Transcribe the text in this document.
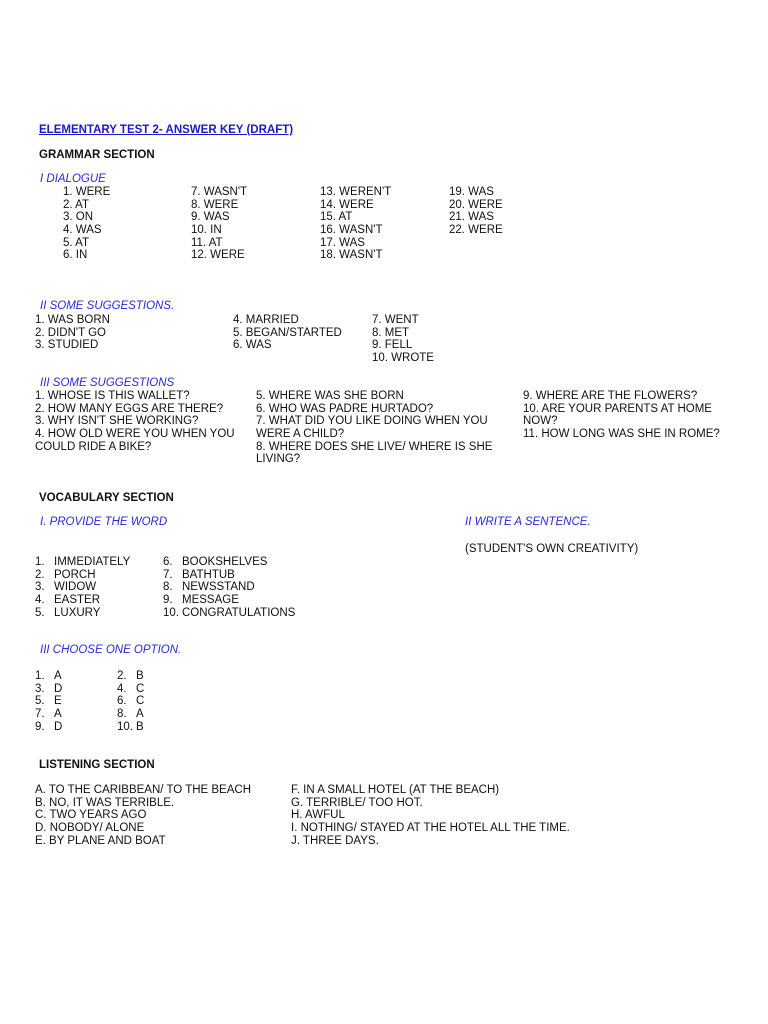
ELEMENTARY TEST 2- ANSWER KEY (DRAFT)
GRAMMAR SECTION
I DIALOGUE
1. WERE
2. AT
3. ON
4. WAS
5. AT
6. IN
7. WASN'T
8. WERE
9. WAS
10. IN
11. AT
12. WERE
13. WEREN'T
14. WERE
15. AT
16. WASN'T
17. WAS
18. WASN'T
19. WAS
20. WERE
21. WAS
22. WERE
II SOME SUGGESTIONS.
1. WAS BORN
2. DIDN'T GO
3. STUDIED
4. MARRIED
5. BEGAN/STARTED
6. WAS
7. WENT
8. MET
9. FELL
10. WROTE
III SOME SUGGESTIONS
1. WHOSE IS THIS WALLET?
2. HOW MANY EGGS ARE THERE?
3. WHY ISN'T SHE WORKING?
4. HOW OLD WERE YOU WHEN YOU
COULD RIDE A BIKE?
5. WHERE WAS SHE BORN
6. WHO WAS PADRE HURTADO?
7. WHAT DID YOU LIKE DOING WHEN YOU
WERE A CHILD?
8. WHERE DOES SHE LIVE/ WHERE IS SHE
LIVING?
9. WHERE ARE THE FLOWERS?
10. ARE YOUR PARENTS AT HOME
NOW?
11. HOW LONG WAS SHE IN ROME?
VOCABULARY SECTION
I. PROVIDE THE WORD	II WRITE A SENTENCE.
(STUDENT'S OWN CREATIVITY)
1. IMMEDIATELY
2. PORCH
3. WIDOW
4. EASTER
5. LUXURY
6. BOOKSHELVES
7. BATHTUB
8. NEWSSTAND
9. MESSAGE
10. CONGRATULATIONS
III CHOOSE ONE OPTION.
1. A
3. D
5. E
7. A
9. D
2. B
4. C
6. C
8. A
10. B
LISTENING SECTION
A. TO THE CARIBBEAN/ TO THE BEACH
B. NO, IT WAS TERRIBLE.
C. TWO YEARS AGO
D. NOBODY/ ALONE
E. BY PLANE AND BOAT
F. IN A SMALL HOTEL (AT THE BEACH)
G. TERRIBLE/ TOO HOT.
H. AWFUL
I. NOTHING/ STAYED AT THE HOTEL ALL THE TIME.
J. THREE DAYS.
